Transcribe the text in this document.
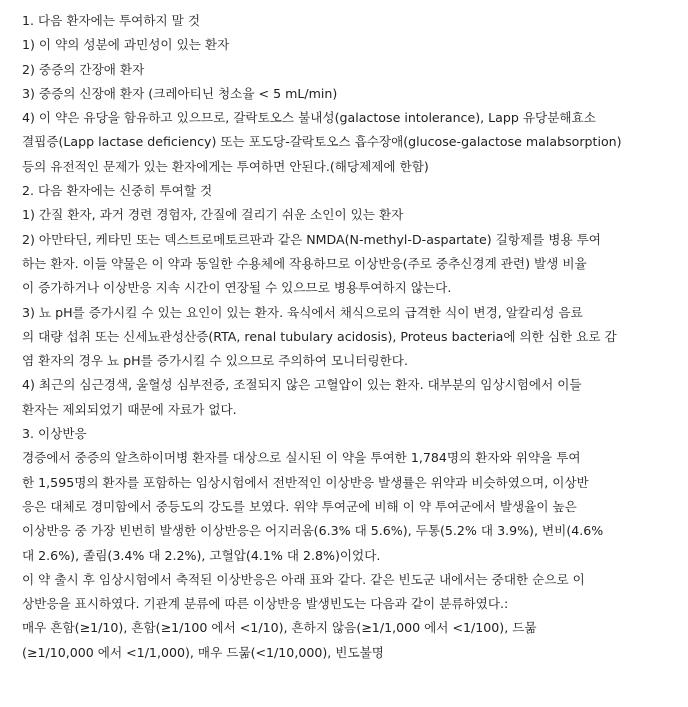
1. 다음 환자에는 투여하지 말 것
1) 이 약의 성분에 과민성이 있는 환자
2) 중증의 간장애 환자
3) 중증의 신장애 환자 (크레아티닌 청소율 < 5 mL/min)
4) 이 약은 유당을 함유하고 있으므로, 갈락토오스 불내성(galactose intolerance), Lapp 유당분해효소
결핍증(Lapp lactase deficiency) 또는 포도당-갈락토오스 흡수장애(glucose-galactose malabsorption)
등의 유전적인 문제가 있는 환자에게는 투여하면 안된다.(해당제제에 한함)
2. 다음 환자에는 신중히 투여할 것
1) 간질 환자, 과거 경련 경험자, 간질에 걸리기 쉬운 소인이 있는 환자
2) 아만타딘, 케타민 또는 덱스트로메토르판과 같은 NMDA(N-methyl-D-aspartate) 길항제를 병용 투여
하는 환자. 이들 약물은 이 약과 동일한 수용체에 작용하므로 이상반응(주로 중추신경계 관련) 발생 비율
이 증가하거나 이상반응 지속 시간이 연장될 수 있으므로 병용투여하지 않는다.
3) 뇨 pH를 증가시킬 수 있는 요인이 있는 환자. 육식에서 채식으로의 급격한 식이 변경, 알칼리성 음료
의 대량 섭취 또는 신세뇨관성산증(RTA, renal tubulary acidosis), Proteus bacteria에 의한 심한 요로 감
염 환자의 경우 뇨 pH를 증가시킬 수 있으므로 주의하여 모니터링한다.
4) 최근의 심근경색, 울혈성 심부전증, 조절되지 않은 고혈압이 있는 환자. 대부분의 임상시험에서 이들
환자는 제외되었기 때문에 자료가 없다.
3. 이상반응
경증에서 중증의 알츠하이머병 환자를 대상으로 실시된 이 약을 투여한 1,784명의 환자와 위약을 투여
한 1,595명의 환자를 포함하는 임상시험에서 전반적인 이상반응 발생률은 위약과 비슷하였으며, 이상반
응은 대체로 경미함에서 중등도의 강도를 보였다. 위약 투여군에 비해 이 약 투여군에서 발생율이 높은
이상반응 중 가장 빈번히 발생한 이상반응은 어지러움(6.3% 대 5.6%), 두통(5.2% 대 3.9%), 변비(4.6%
대 2.6%), 졸림(3.4% 대 2.2%), 고혈압(4.1% 대 2.8%)이었다.
이 약 출시 후 임상시험에서 축적된 이상반응은 아래 표와 같다. 같은 빈도군 내에서는 중대한 순으로 이
상반응을 표시하였다. 기관계 분류에 따른 이상반응 발생빈도는 다음과 같이 분류하였다.:
매우 흔함(≥1/10), 흔함(≥1/100 에서 <1/10), 흔하지 않음(≥1/1,000 에서 <1/100), 드묾
(≥1/10,000 에서 <1/1,000), 매우 드묾(<1/10,000), 빈도불명
